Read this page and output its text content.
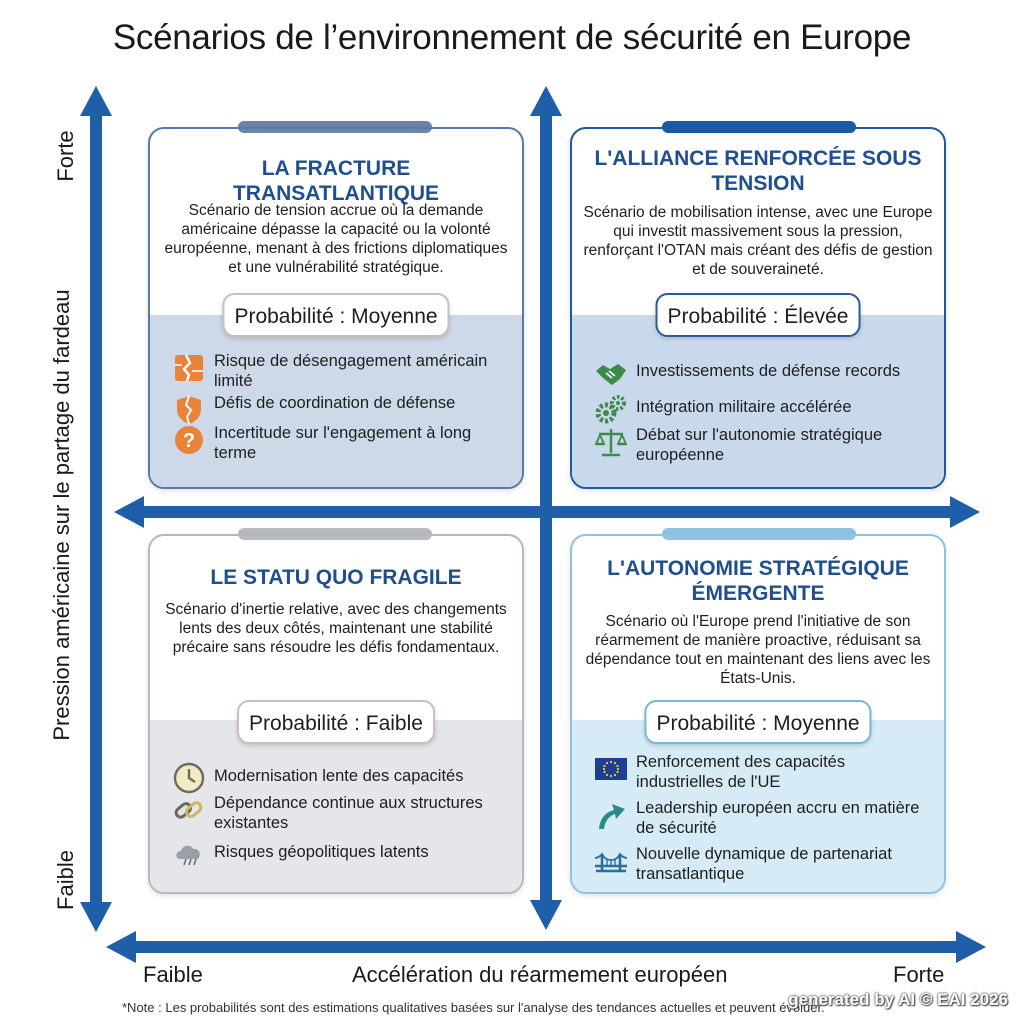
Scénarios de l’environnement de sécurité en Europe
Pression américaine sur le partage du fardeau
Forte
Faible
Faible	Accélération du réarmement européen	Forte
LA FRACTURE TRANSATLANTIQUE
Scénario de tension accrue où la demande américaine dépasse la capacité ou la volonté européenne, menant à des frictions diplomatiques et une vulnérabilité stratégique.
Probabilité : Moyenne
Risque de désengagement américain limité
Défis de coordination de défense
? Incertitude sur l'engagement à long terme
L'ALLIANCE RENFORCÉE SOUS TENSION
Scénario de mobilisation intense, avec une Europe qui investit massivement sous la pression, renforçant l'OTAN mais créant des défis de gestion et de souveraineté.
Probabilité : Élevée
Investissements de défense records
Intégration militaire accélérée
Débat sur l'autonomie stratégique européenne
LE STATU QUO FRAGILE
Scénario d'inertie relative, avec des changements lents des deux côtés, maintenant une stabilité précaire sans résoudre les défis fondamentaux.
Probabilité : Faible
Modernisation lente des capacités
Dépendance continue aux structures existantes
Risques géopolitiques latents
L'AUTONOMIE STRATÉGIQUE ÉMERGENTE
Scénario où l'Europe prend l'initiative de son réarmement de manière proactive, réduisant sa dépendance tout en maintenant des liens avec les États-Unis.
Probabilité : Moyenne
Renforcement des capacités industrielles de l'UE
Leadership européen accru en matière de sécurité
Nouvelle dynamique de partenariat transatlantique
*Note : Les probabilités sont des estimations qualitatives basées sur l'analyse des tendances actuelles et peuvent évoluer.
generated by AI © EAI 2026
